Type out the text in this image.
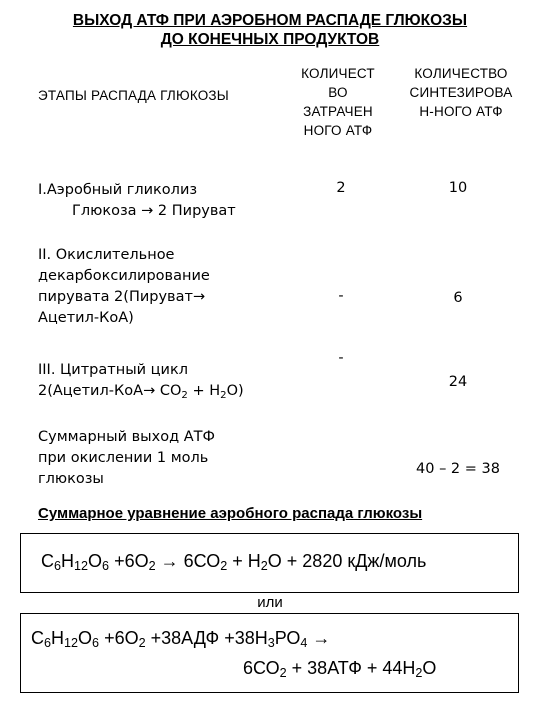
ВЫХОД АТФ ПРИ АЭРОБНОМ РАСПАДЕ ГЛЮКОЗЫ
ДО КОНЕЧНЫХ ПРОДУКТОВ
ЭТАПЫ РАСПАДА ГЛЮКОЗЫ
КОЛИЧЕСТ
ВО
ЗАТРАЧЕН
НОГО АТФ
КОЛИЧЕСТВО
СИНТЕЗИРОВА
Н-НОГО АТФ
I.Аэробный гликолиз
Глюкоза → 2 Пируват
2	10
II. Окислительное
декарбоксилирование
пирувата 2(Пируват→
Ацетил-КоА)
-	6
III. Цитратный цикл
2(Ацетил-КоА→ $СО_2 + Н_2О$)
-
24
Суммарный выход АТФ
при окислении 1 моль
глюкозы
40 – 2 = 38
Суммарное уравнение аэробного распада глюкозы
$С_6Н_{12}О_6 +6О_2 \to 6СО_2 + Н_2О + 2820$ кДж/моль
или
$С_6Н_{12}О_6 +6О_2 +38АДФ +38Н_3РО_4$ →
$6СО_2 + 38АТФ + 44Н_2О$
